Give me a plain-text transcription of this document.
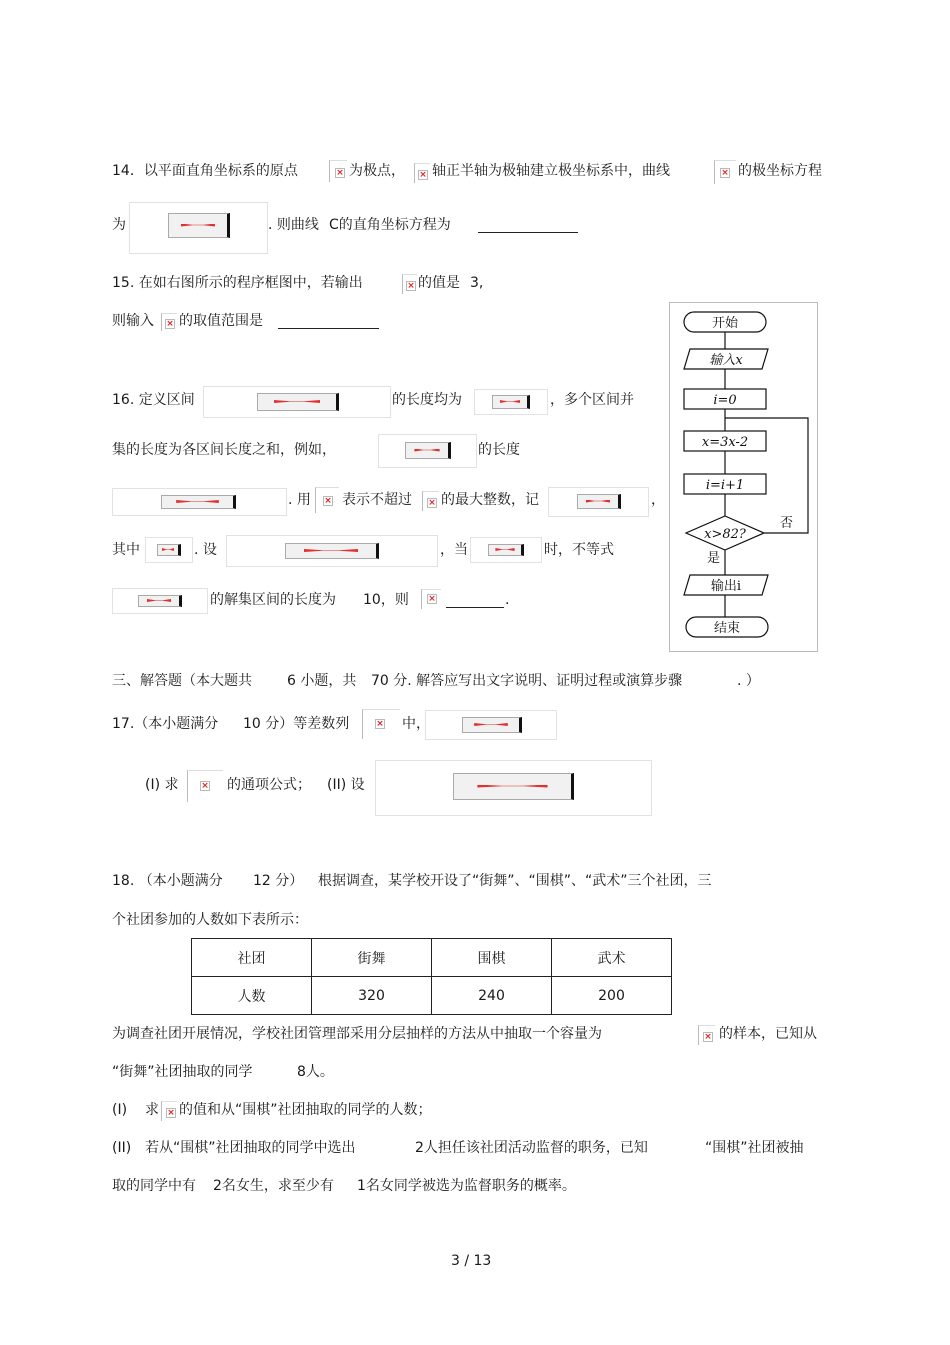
14．以平面直角坐标系的原点 ×	为极点， × 轴正半轴为极轴建立极坐标系中，曲线 ×	的极坐标方程
为	. 则曲线 C的直角坐标方程为
15. 在如右图所示的程序框图中，若输出 ×	的值是 3,
则输入 × 的取值范围是	开始
输入x
i=0
x=3x-2
i=i+1
x>82?
否
是
输出i
结束
16. 定义区间	的长度均为	，多个区间并
集的长度为各区间长度之和，例如，	的长度
. 用 × 表示不超过 × 的最大整数，记	，
其中	. 设	，当	时，不等式
的解集区间的长度为 10，则 ×	.
三、解答题（本大题共	6 小题，共 70 分. 解答应写出文字说明、证明过程或演算步骤	. ）
17.（本小题满分 10 分）等差数列 ×	中，
(I) 求 ×	的通项公式； (II) 设
18. （本小题满分 12 分） 根据调查，某学校开设了“街舞”、“围棋”、“武术”三个社团，三
个社团参加的人数如下表所示：
社团	街舞	围棋	武术
人数	320	240	200
为调查社团开展情况，学校社团管理部采用分层抽样的方法从中抽取一个容量为 ×	的样本，已知从
“街舞”社团抽取的同学	8人。
(I) 求 × 的值和从“围棋”社团抽取的同学的人数；
(II) 若从“围棋”社团抽取的同学中选出	2人担任该社团活动监督的职务，已知	“围棋”社团被抽
取的同学中有 2名女生，求至少有 1名女同学被选为监督职务的概率。
3 / 13
